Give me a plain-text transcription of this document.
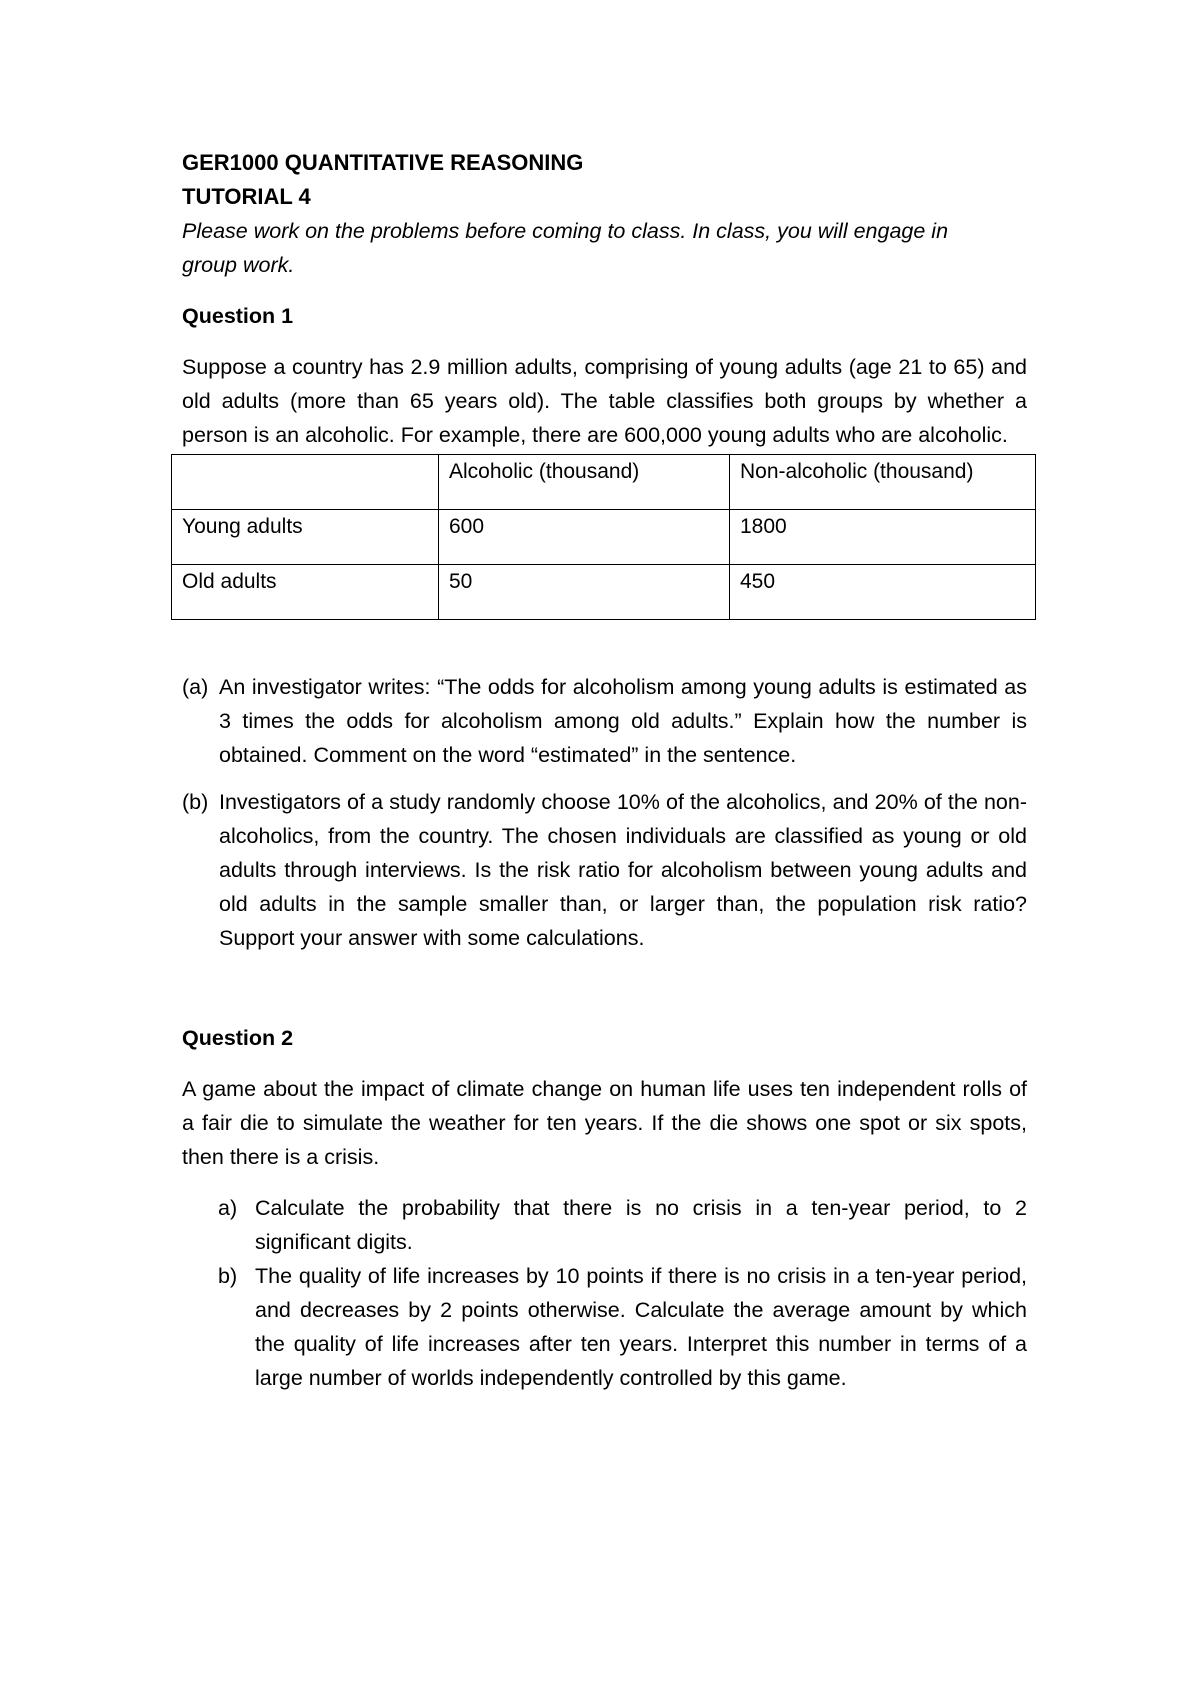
GER1000 QUANTITATIVE REASONING

TUTORIAL 4

Please work on the problems before coming to class. In class, you will engage in group work.

Question 1

Suppose a country has 2.9 million adults, comprising of young adults (age 21 to 65) and old adults (more than 65 years old). The table classifies both groups by whether a person is an alcoholic. For example, there are 600,000 young adults who are alcoholic.

	Alcoholic (thousand)	Non-alcoholic (thousand)
Young adults	600	1800
Old adults	50	450
(a) An investigator writes: “The odds for alcoholism among young adults is estimated as 3 times the odds for alcoholism among old adults.” Explain how the number is obtained. Comment on the word “estimated” in the sentence.
(b) Investigators of a study randomly choose 10% of the alcoholics, and 20% of the non-alcoholics, from the country. The chosen individuals are classified as young or old adults through interviews. Is the risk ratio for alcoholism between young adults and old adults in the sample smaller than, or larger than, the population risk ratio? Support your answer with some calculations.

Question 2

A game about the impact of climate change on human life uses ten independent rolls of a fair die to simulate the weather for ten years. If the die shows one spot or six spots, then there is a crisis.

a) Calculate the probability that there is no crisis in a ten-year period, to 2 significant digits.
b) The quality of life increases by 10 points if there is no crisis in a ten-year period, and decreases by 2 points otherwise. Calculate the average amount by which the quality of life increases after ten years. Interpret this number in terms of a large number of worlds independently controlled by this game.
